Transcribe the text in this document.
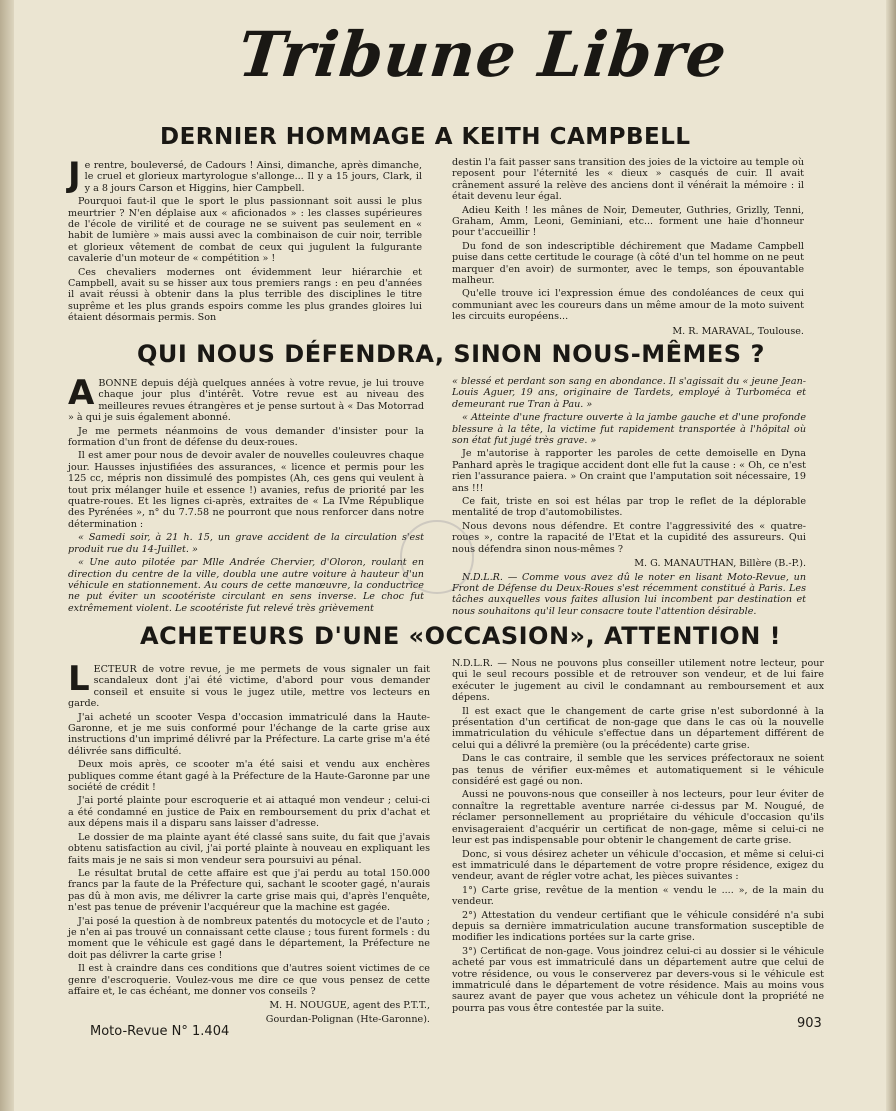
Tribune Libre
DERNIER HOMMAGE A KEITH CAMPBELL
J e rentre, bouleversé, de Cadours ! Ainsi, dimanche, après dimanche, le cruel et glorieux martyrologue s'allonge... Il y a 15 jours, Clark, il y a 8 jours Carson et Higgins, hier Campbell.

Pourquoi faut-il que le sport le plus passionnant soit aussi le plus meurtrier ? N'en déplaise aux « aficionados » : les classes supérieures de l'école de virilité et de courage ne se suivent pas seulement en « habit de lumière » mais aussi avec la combinaison de cuir noir, terrible et glorieux vêtement de combat de ceux qui jugulent la fulgurante cavalerie d'un moteur de « compétition » !

Ces chevaliers modernes ont évidemment leur hiérarchie et Campbell, avait su se hisser aux tous premiers rangs : en peu d'années il avait réussi à obtenir dans la plus terrible des disciplines le titre suprême et les plus grands espoirs comme les plus grandes gloires lui étaient désormais permis. Son

destin l'a fait passer sans transition des joies de la victoire au temple où reposent pour l'éternité les « dieux » casqués de cuir. Il avait crânement assuré la relève des anciens dont il vénérait la mémoire : il était devenu leur égal.

Adieu Keith ! les mânes de Noir, Demeuter, Guthries, Grizlly, Tenni, Graham, Amm, Leoni, Geminiani, etc... forment une haie d'honneur pour t'accueillir !

Du fond de son indescriptible déchirement que Madame Campbell puise dans cette certitude le courage (à côté d'un tel homme on ne peut marquer d'en avoir) de surmonter, avec le temps, son épouvantable malheur.

Qu'elle trouve ici l'expression émue des condoléances de ceux qui communiant avec les coureurs dans un même amour de la moto suivent les circuits européens...

M. R. MARAVAL, Toulouse.

QUI NOUS DÉFENDRA, SINON NOUS-MÊMES ?
A BONNE depuis déjà quelques années à votre revue, je lui trouve chaque jour plus d'intérêt. Votre revue est au niveau des meilleures revues étrangères et je pense surtout à « Das Motorrad » à qui je suis également abonné.

Je me permets néanmoins de vous demander d'insister pour la formation d'un front de défense du deux-roues.

Il est amer pour nous de devoir avaler de nouvelles couleuvres chaque jour. Hausses injustifiées des assurances, « licence et permis pour les 125 cc, mépris non dissimulé des pompistes (Ah, ces gens qui veulent à tout prix mélanger huile et essence !) avanies, refus de priorité par les quatre-roues. Et les lignes ci-après, extraites de « La IVme République des Pyrénées », n° du 7.7.58 ne pourront que nous renforcer dans notre détermination :

« Samedi soir, à 21 h. 15, un grave accident de la circulation s'est produit rue du 14-Juillet. »

« Une auto pilotée par Mlle Andrée Chervier, d'Oloron, roulant en direction du centre de la ville, doubla une autre voiture à hauteur d'un véhicule en stationnement. Au cours de cette manœuvre, la conductrice ne put éviter un scootériste circulant en sens inverse. Le choc fut extrêmement violent. Le scootériste fut relevé très grièvement

« blessé et perdant son sang en abondance. Il s'agissait du « jeune Jean-Louis Aguer, 19 ans, originaire de Tardets, employé à Turboméca et demeurant rue Tran à Pau. »

« Atteinte d'une fracture ouverte à la jambe gauche et d'une profonde blessure à la tête, la victime fut rapidement transportée à l'hôpital où son état fut jugé très grave. »

Je m'autorise à rapporter les paroles de cette demoiselle en Dyna Panhard après le tragique accident dont elle fut la cause : « Oh, ce n'est rien l'assurance paiera. » On craint que l'amputation soit nécessaire, 19 ans !!!

Ce fait, triste en soi est hélas par trop le reflet de la déplorable mentalité de trop d'automobilistes.

Nous devons nous défendre. Et contre l'aggressivité des « quatre-roues », contre la rapacité de l'Etat et la cupidité des assureurs. Qui nous défendra sinon nous-mêmes ?

M. G. MANAUTHAN, Billère (B.-P.).

N.D.L.R. — Comme vous avez dû le noter en lisant Moto-Revue, un Front de Défense du Deux-Roues s'est récemment constitué à Paris. Les tâches auxquelles vous faites allusion lui incombent par destination et nous souhaitons qu'il leur consacre toute l'attention désirable.

ACHETEURS D'UNE «OCCASION», ATTENTION !
L ECTEUR de votre revue, je me permets de vous signaler un fait scandaleux dont j'ai été victime, d'abord pour vous demander conseil et ensuite si vous le jugez utile, mettre vos lecteurs en garde.

J'ai acheté un scooter Vespa d'occasion immatriculé dans la Haute-Garonne, et je me suis conformé pour l'échange de la carte grise aux instructions d'un imprimé délivré par la Préfecture. La carte grise m'a été délivrée sans difficulté.

Deux mois après, ce scooter m'a été saisi et vendu aux enchères publiques comme étant gagé à la Préfecture de la Haute-Garonne par une société de crédit !

J'ai porté plainte pour escroquerie et ai attaqué mon vendeur ; celui-ci a été condamné en justice de Paix en remboursement du prix d'achat et aux dépens mais il a disparu sans laisser d'adresse.

Le dossier de ma plainte ayant été classé sans suite, du fait que j'avais obtenu satisfaction au civil, j'ai porté plainte à nouveau en expliquant les faits mais je ne sais si mon vendeur sera poursuivi au pénal.

Le résultat brutal de cette affaire est que j'ai perdu au total 150.000 francs par la faute de la Préfecture qui, sachant le scooter gagé, n'aurais pas dû à mon avis, me délivrer la carte grise mais qui, d'après l'enquête, n'est pas tenue de prévenir l'acquéreur que la machine est gagée.

J'ai posé la question à de nombreux patentés du motocycle et de l'auto ; je n'en ai pas trouvé un connaissant cette clause ; tous furent formels : du moment que le véhicule est gagé dans le département, la Préfecture ne doit pas délivrer la carte grise !

Il est à craindre dans ces conditions que d'autres soient victimes de ce genre d'escroquerie. Voulez-vous me dire ce que vous pensez de cette affaire et, le cas échéant, me donner vos conseils ?

M. H. NOUGUE, agent des P.T.T.,

Gourdan-Polignan (Hte-Garonne).

N.D.L.R. — Nous ne pouvons plus conseiller utilement notre lecteur, pour qui le seul recours possible et de retrouver son vendeur, et de lui faire exécuter le jugement au civil le condamnant au remboursement et aux dépens.

Il est exact que le changement de carte grise n'est subordonné à la présentation d'un certificat de non-gage que dans le cas où la nouvelle immatriculation du véhicule s'effectue dans un département différent de celui qui a délivré la première (ou la précédente) carte grise.

Dans le cas contraire, il semble que les services préfectoraux ne soient pas tenus de vérifier eux-mêmes et automatiquement si le véhicule considéré est gagé ou non.

Aussi ne pouvons-nous que conseiller à nos lecteurs, pour leur éviter de connaître la regrettable aventure narrée ci-dessus par M. Nougué, de réclamer personnellement au propriétaire du véhicule d'occasion qu'ils envisageraient d'acquérir un certificat de non-gage, même si celui-ci ne leur est pas indispensable pour obtenir le changement de carte grise.

Donc, si vous désirez acheter un véhicule d'occasion, et même si celui-ci est immatriculé dans le département de votre propre résidence, exigez du vendeur, avant de régler votre achat, les pièces suivantes :

1°) Carte grise, revêtue de la mention « vendu le .... », de la main du vendeur.

2°) Attestation du vendeur certifiant que le véhicule considéré n'a subi depuis sa dernière immatriculation aucune transformation susceptible de modifier les indications portées sur la carte grise.

3°) Certificat de non-gage. Vous joindrez celui-ci au dossier si le véhicule acheté par vous est immatriculé dans un département autre que celui de votre résidence, ou vous le conserverez par devers-vous si le véhicule est immatriculé dans le département de votre résidence. Mais au moins vous saurez avant de payer que vous achetez un véhicule dont la propriété ne pourra pas vous être contestée par la suite.

Moto-Revue N° 1.404
903
